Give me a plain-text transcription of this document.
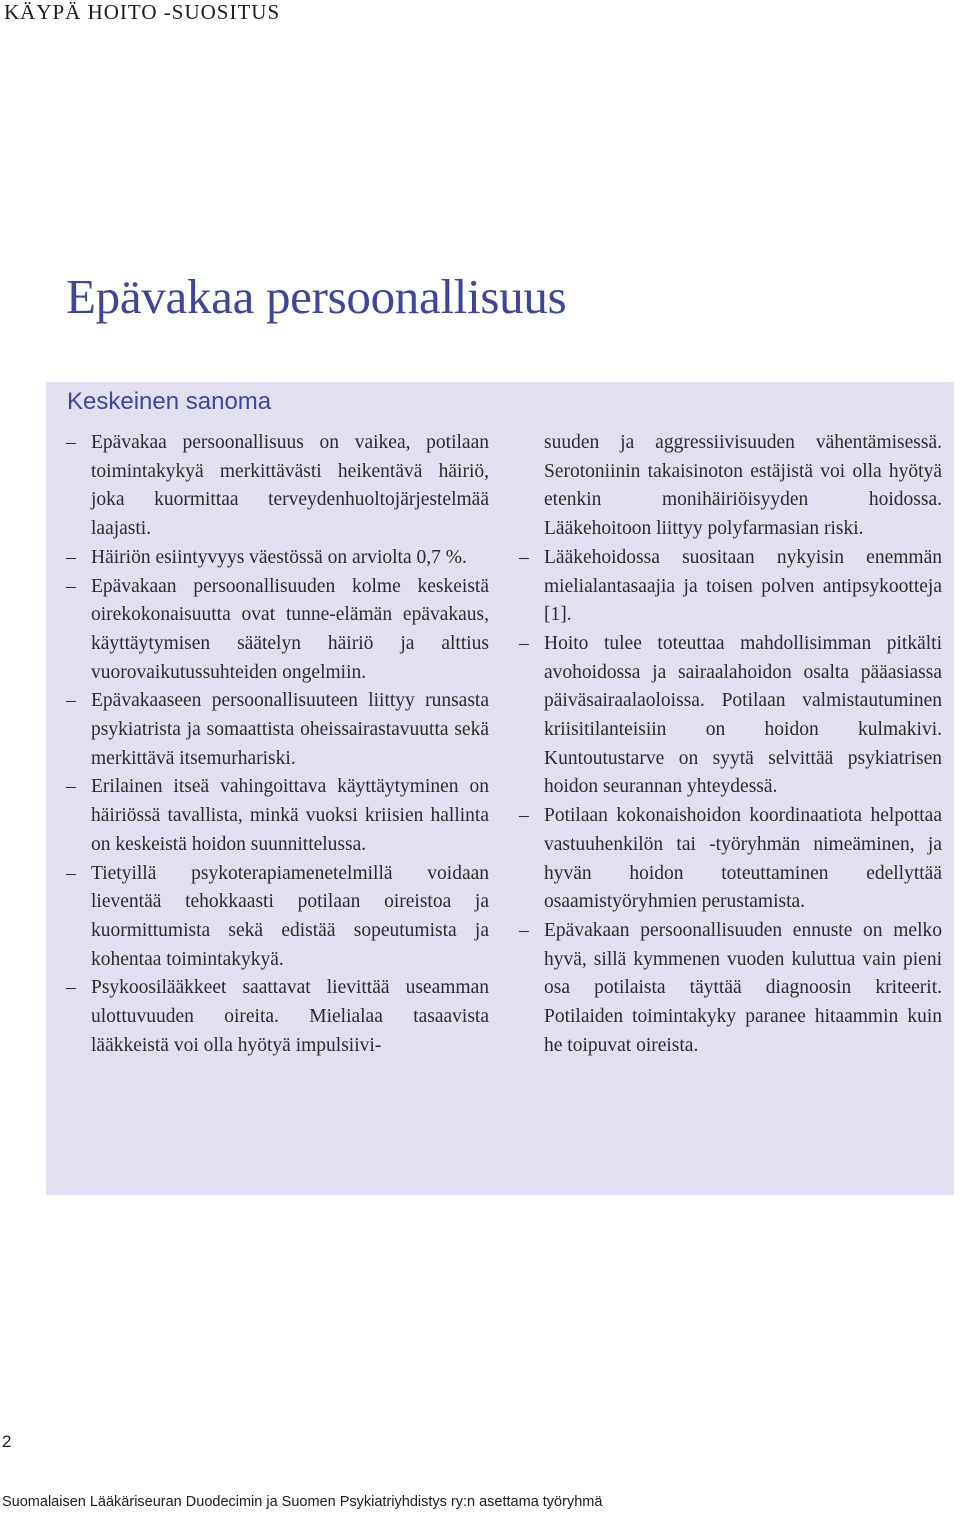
KÄYPÄ HOITO -SUOSITUS
Epävakaa persoonallisuus
Keskeinen sanoma
– Epävakaa persoonallisuus on vaikea, potilaan toimintakykyä merkittävästi heikentävä häiriö, joka kuormittaa terveydenhuoltojärjestelmää laajasti.
– Häiriön esiintyvyys väestössä on arviolta 0,7 %.
– Epävakaan persoonallisuuden kolme keskeistä oirekokonaisuutta ovat tunne-elämän epävakaus, käyttäytymisen säätelyn häiriö ja alttius vuorovaikutussuhteiden ongelmiin.
– Epävakaaseen persoonallisuuteen liittyy runsasta psykiatrista ja somaattista oheissairastavuutta sekä merkittävä itsemurhariski.
– Erilainen itseä vahingoittava käyttäytyminen on häiriössä tavallista, minkä vuoksi kriisien hallinta on keskeistä hoidon suunnittelussa.
– Tietyillä psykoterapiamenetelmillä voidaan lieventää tehokkaasti potilaan oireistoa ja kuormittumista sekä edistää sopeutumista ja kohentaa toimintakykyä.
– Psykoosilääkkeet saattavat lievittää useamman ulottuvuuden oireita. Mielialaa tasaavista lääkkeistä voi olla hyötyä impulsiivi-
suuden ja aggressiivisuuden vähentämisessä. Serotoniinin takaisinoton estäjistä voi olla hyötyä etenkin monihäiriöisyyden hoidossa. Lääkehoitoon liittyy polyfarmasian riski.
– Lääkehoidossa suositaan nykyisin enemmän mielialantasaajia ja toisen polven antipsykootteja [1].
– Hoito tulee toteuttaa mahdollisimman pitkälti avohoidossa ja sairaalahoidon osalta pääasiassa päiväsairaalaoloissa. Potilaan valmistautuminen kriisitilanteisiin on hoidon kulmakivi. Kuntoutustarve on syytä selvittää psykiatrisen hoidon seurannan yhteydessä.
– Potilaan kokonaishoidon koordinaatiota helpottaa vastuuhenkilön tai -työryhmän nimeäminen, ja hyvän hoidon toteuttaminen edellyttää osaamistyöryhmien perustamista.
– Epävakaan persoonallisuuden ennuste on melko hyvä, sillä kymmenen vuoden kuluttua vain pieni osa potilaista täyttää diagnoosin kriteerit. Potilaiden toimintakyky paranee hitaammin kuin he toipuvat oireista.
2
Suomalaisen Lääkäriseuran Duodecimin ja Suomen Psykiatriyhdistys ry:n asettama työryhmä
